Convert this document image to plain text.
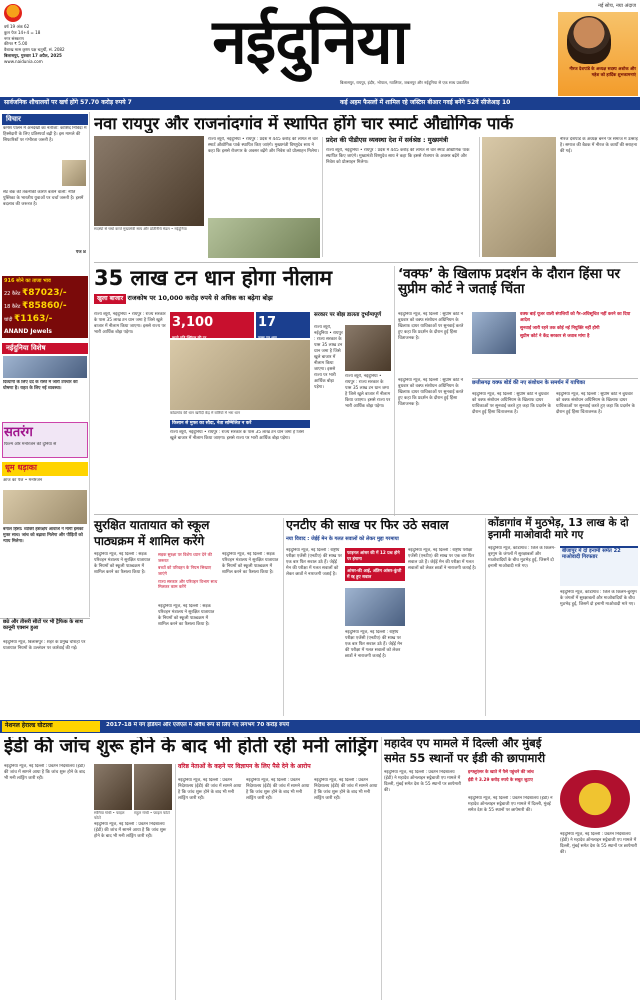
वर्ष 19 अंक 62
कुल पेज 14+4 = 18
नगर संस्करण
कीमत ₹ 5.00
वैशाख मास कृष्ण पक्ष चतुर्थी, सं. 2082
बिलासपुर, गुरुवार 17 अप्रैल, 2025
www.naidunia.com	नईदुनिया	नई सोच, नया अंदाज
बिलासपुर, रायपुर, इंदौर, भोपाल, ग्वालियर, जबलपुर और नईदुनिया से एक साथ प्रकाशित
नीरज देशपांडे के अध्यक्ष सदस्य अशोक और महेश को हार्दिक शुभकामनाएं
सार्वजनिक शौचालयों पर खर्च होंगे 57.70 करोड़ रुपये 7	कई अहम फैसलों में शामिल रहे जस्टिस बीआर गवई बनेंगे 52वें सीजेआइ 10
विचार
कर्मेश पालन में अनदेखी का नतीजा: काशिद निविदा में हिस्सेदारी के लिए प्रतिस्पर्धा बढ़ी है। इस मामले की सिफारिशों पर गंभीरता जरूरी है।
सेट बैक की तकनीकी कारण बताने वाली: नीति पुस्तिका के भारतीय युवाओं पर चर्चा जरूरी है। इसमें बदलाव की जरूरत है।
पेज 8
916 सोने का ताजा भाव
22 कैरेट ₹87023/-
18 कैरेट ₹85860/-
चांदी ₹1163/-
ANAND Jewels
नईदुनिया विशेष
दिव्यांगों के लिए दर्द के रास्ते में जारी उपचार की घोषणा है। राहत के लिए नई व्यवस्था।
सतरंग
फिल्म और मनोरंजन की दुनिया से
धूम धड़ाका
आज का पेज • मनोरंजन
बंगाल हिंसा: व्यक्ति हस्तक्षेप आवाजें ने मांगी इसका मुफ्त साथ। जांच को बढ़ावा मिलेगा और पीड़ितों को न्याय मिलेगा।
नवा रायपुर और राजनांदगांव में स्थापित होंगे चार स्मार्ट औद्योगिक पार्क
सदस्यों से चर्चा करते मुख्यमंत्री साय और प्रतिनिधि मंडल • नईदुनिया
राज्य ब्यूरो, नईदुनिया • रायपुर : प्रदेश में 445 करोड़ की लागत से चार स्मार्ट औद्योगिक पार्क स्थापित किए जाएंगे। मुख्यमंत्री विष्णुदेव साय ने कहा कि इससे रोजगार के अवसर बढ़ेंगे और निवेश को प्रोत्साहन मिलेगा।
प्रदेश की पीडीएस व्यवस्था देश में सर्वश्रेष्ठ : मुख्यमंत्री
राज्य ब्यूरो, नईदुनिया • रायपुर : प्रदेश में 445 करोड़ की लागत से चार स्मार्ट औद्योगिक पार्क स्थापित किए जाएंगे। मुख्यमंत्री विष्णुदेव साय ने कहा कि इससे रोजगार के अवसर बढ़ेंगे और निवेश को प्रोत्साहन मिलेगा।
नीरज देशपांडे के अध्यक्ष बनने पर समाज में उत्साह है। समाज की बैठक में नीरज के कार्यों की सराहना की गई।
35 लाख टन धान होगा नीलाम
खुला बाजार राजकोष पर 10,000 करोड़ रुपये से अधिक का बढ़ेगा बोझ
राज्य ब्यूरो, नईदुनिया • रायपुर : राज्य सरकार के पास 35 लाख टन धान जमा है जिसे खुले बाजार में नीलाम किया जाएगा। इससे राज्य पर भारी आर्थिक बोझ पड़ेगा।
3,100 रुपये प्रति क्विंटल की दर
17 लाख टन धान
कोडागांव की धान खरीदी केंद्र में बोरियों में भरा धान
किसान से मुफ्त का सौदा, नेता सम्मिलित न करें
राज्य ब्यूरो, नईदुनिया • रायपुर : राज्य सरकार के पास 35 लाख टन धान जमा है जिसे खुले बाजार में नीलाम किया जाएगा। इससे राज्य पर भारी आर्थिक बोझ पड़ेगा।
सरकार पर बोझ डालता दुर्भाग्यपूर्ण
राज्य ब्यूरो, नईदुनिया • रायपुर : राज्य सरकार के पास 35 लाख टन धान जमा है जिसे खुले बाजार में नीलाम किया जाएगा। इससे राज्य पर भारी आर्थिक बोझ पड़ेगा।
राज्य ब्यूरो, नईदुनिया • रायपुर : राज्य सरकार के पास 35 लाख टन धान जमा है जिसे खुले बाजार में नीलाम किया जाएगा। इससे राज्य पर भारी आर्थिक बोझ पड़ेगा।
‘वक्फ’ के खिलाफ प्रदर्शन के दौरान हिंसा पर सुप्रीम कोर्ट ने जताई चिंता
नईदुनिया न्यूज, नई दिल्ली : सुप्रीम कोर्ट ने बुधवार को वक्फ संशोधन अधिनियम के खिलाफ दायर याचिकाओं पर सुनवाई करते हुए कहा कि प्रदर्शन के दौरान हुई हिंसा चिंताजनक है।
वक्फ बाई यूजर वाली संपत्तियों को गैर-अधिसूचित नहीं करने का दिया आदेश
सुनवाई जारी रहने तक कोई नई नियुक्ति नहीं होगी
सुप्रीम कोर्ट ने केंद्र सरकार से जवाब मांगा है
छत्तीसगढ़ वक्फ बोर्ड की नए संशोधन के समर्थन में याचिका
नईदुनिया न्यूज, नई दिल्ली : सुप्रीम कोर्ट ने बुधवार को वक्फ संशोधन अधिनियम के खिलाफ दायर याचिकाओं पर सुनवाई करते हुए कहा कि प्रदर्शन के दौरान हुई हिंसा चिंताजनक है।
नईदुनिया न्यूज, नई दिल्ली : सुप्रीम कोर्ट ने बुधवार को वक्फ संशोधन अधिनियम के खिलाफ दायर याचिकाओं पर सुनवाई करते हुए कहा कि प्रदर्शन के दौरान हुई हिंसा चिंताजनक है।
नईदुनिया न्यूज, नई दिल्ली : सुप्रीम कोर्ट ने बुधवार को वक्फ संशोधन अधिनियम के खिलाफ दायर याचिकाओं पर सुनवाई करते हुए कहा कि प्रदर्शन के दौरान हुई हिंसा चिंताजनक है।
सुरक्षित यातायात को स्कूल
पाठ्यक्रम में शामिल करेंगे
नईदुनिया न्यूज, नई दिल्ली : सड़क परिवहन मंत्रालय ने सुरक्षित यातायात के नियमों को स्कूली पाठ्यक्रम में शामिल करने का फैसला किया है।
सड़क सुरक्षा पर विशेष ध्यान देने की जरूरत
बच्चों को परिवहन के नियम सिखाए जाएंगे
राज्य सरकार और परिवहन विभाग साथ मिलकर काम करेंगे
नईदुनिया न्यूज, नई दिल्ली : सड़क परिवहन मंत्रालय ने सुरक्षित यातायात के नियमों को स्कूली पाठ्यक्रम में शामिल करने का फैसला किया है।
नईदुनिया न्यूज, नई दिल्ली : सड़क परिवहन मंत्रालय ने सुरक्षित यातायात के नियमों को स्कूली पाठ्यक्रम में शामिल करने का फैसला किया है।
एनटीए की साख पर फिर उठे सवाल
नया विवाद : जेईई मेन के गलत सवालों को लेकर मुद्दा गरमाया
नईदुनिया न्यूज, नई दिल्ली : राष्ट्रीय परीक्षा एजेंसी (एनटीए) की साख पर एक बार फिर सवाल उठे हैं। जेईई मेन की परीक्षा में गलत सवालों को लेकर छात्रों ने नाराजगी जताई है।
फाइनल आंसर की में 12 प्रश्न होने पर हंगामा
आंसर-की आई, अंतिम आंसर-कुंजी में रद्द हुए सवाल
नईदुनिया न्यूज, नई दिल्ली : राष्ट्रीय परीक्षा एजेंसी (एनटीए) की साख पर एक बार फिर सवाल उठे हैं। जेईई मेन की परीक्षा में गलत सवालों को लेकर छात्रों ने नाराजगी जताई है।
नईदुनिया न्यूज, नई दिल्ली : राष्ट्रीय परीक्षा एजेंसी (एनटीए) की साख पर एक बार फिर सवाल उठे हैं। जेईई मेन की परीक्षा में गलत सवालों को लेकर छात्रों ने नाराजगी जताई है।
कोंडागांव में मुठभेड़, 13 लाख के दो इनामी माओवादी मारे गए
नईदुनिया न्यूज, कोंडागांव : जिले के किलम-बुरगुम के जंगलों में सुरक्षाबलों और माओवादियों के बीच मुठभेड़ हुई, जिसमें दो इनामी माओवादी मारे गए।
बीजापुर में दो इनामी समेत 22 माओवादी गिरफ्तार
नईदुनिया न्यूज, कोंडागांव : जिले के किलम-बुरगुम के जंगलों में सुरक्षाबलों और माओवादियों के बीच मुठभेड़ हुई, जिसमें दो इनामी माओवादी मारे गए।
छठे और तीसरी सीटों पर भी ट्रैफिक के साथ कानूनी एक्शन हुआ
नईदुनिया न्यूज, बिलासपुर : शहर के प्रमुख चौराहों पर यातायात नियमों के उल्लंघन पर कार्रवाई की गई।
नेशनल हेराल्ड घोटाला	2017-18 में यंग इंडियन और एजेएल में अवैध रूप से लिए गए लगभग 70 करोड़ रुपये
ईडी की जांच शुरू होने के बाद भी होती रही मनी लांड्रिंग
नईदुनिया न्यूज, नई दिल्ली : प्रवर्तन निदेशालय (ईडी) की जांच में सामने आया है कि जांच शुरू होने के बाद भी मनी लांड्रिंग जारी रही।
सोनिया गांधी • फाइल फोटो
राहुल गांधी • फाइल फोटो
नईदुनिया न्यूज, नई दिल्ली : प्रवर्तन निदेशालय (ईडी) की जांच में सामने आया है कि जांच शुरू होने के बाद भी मनी लांड्रिंग जारी रही।
वरिष्ठ नेताओं के कहने पर विज्ञापन के लिए पैसे देने के आरोप
नईदुनिया न्यूज, नई दिल्ली : प्रवर्तन निदेशालय (ईडी) की जांच में सामने आया है कि जांच शुरू होने के बाद भी मनी लांड्रिंग जारी रही।
नईदुनिया न्यूज, नई दिल्ली : प्रवर्तन निदेशालय (ईडी) की जांच में सामने आया है कि जांच शुरू होने के बाद भी मनी लांड्रिंग जारी रही।
नईदुनिया न्यूज, नई दिल्ली : प्रवर्तन निदेशालय (ईडी) की जांच में सामने आया है कि जांच शुरू होने के बाद भी मनी लांड्रिंग जारी रही।
महादेव एप मामले में दिल्ली और मुंबई
समेत 55 स्थानों पर ईडी की छापामारी
नईदुनिया न्यूज, नई दिल्ली : प्रवर्तन निदेशालय (ईडी) ने महादेव ऑनलाइन सट्टेबाजी एप मामले में दिल्ली, मुंबई समेत देश के 55 स्थानों पर छापेमारी की।
इन्फ्लुएंसर के खाते में पैसे पहुंचने की जांच
ईडी ने 3.29 करोड़ रुपये के सबूत जुटाए
नईदुनिया न्यूज, नई दिल्ली : प्रवर्तन निदेशालय (ईडी) ने महादेव ऑनलाइन सट्टेबाजी एप मामले में दिल्ली, मुंबई समेत देश के 55 स्थानों पर छापेमारी की।
नईदुनिया न्यूज, नई दिल्ली : प्रवर्तन निदेशालय (ईडी) ने महादेव ऑनलाइन सट्टेबाजी एप मामले में दिल्ली, मुंबई समेत देश के 55 स्थानों पर छापेमारी की।
